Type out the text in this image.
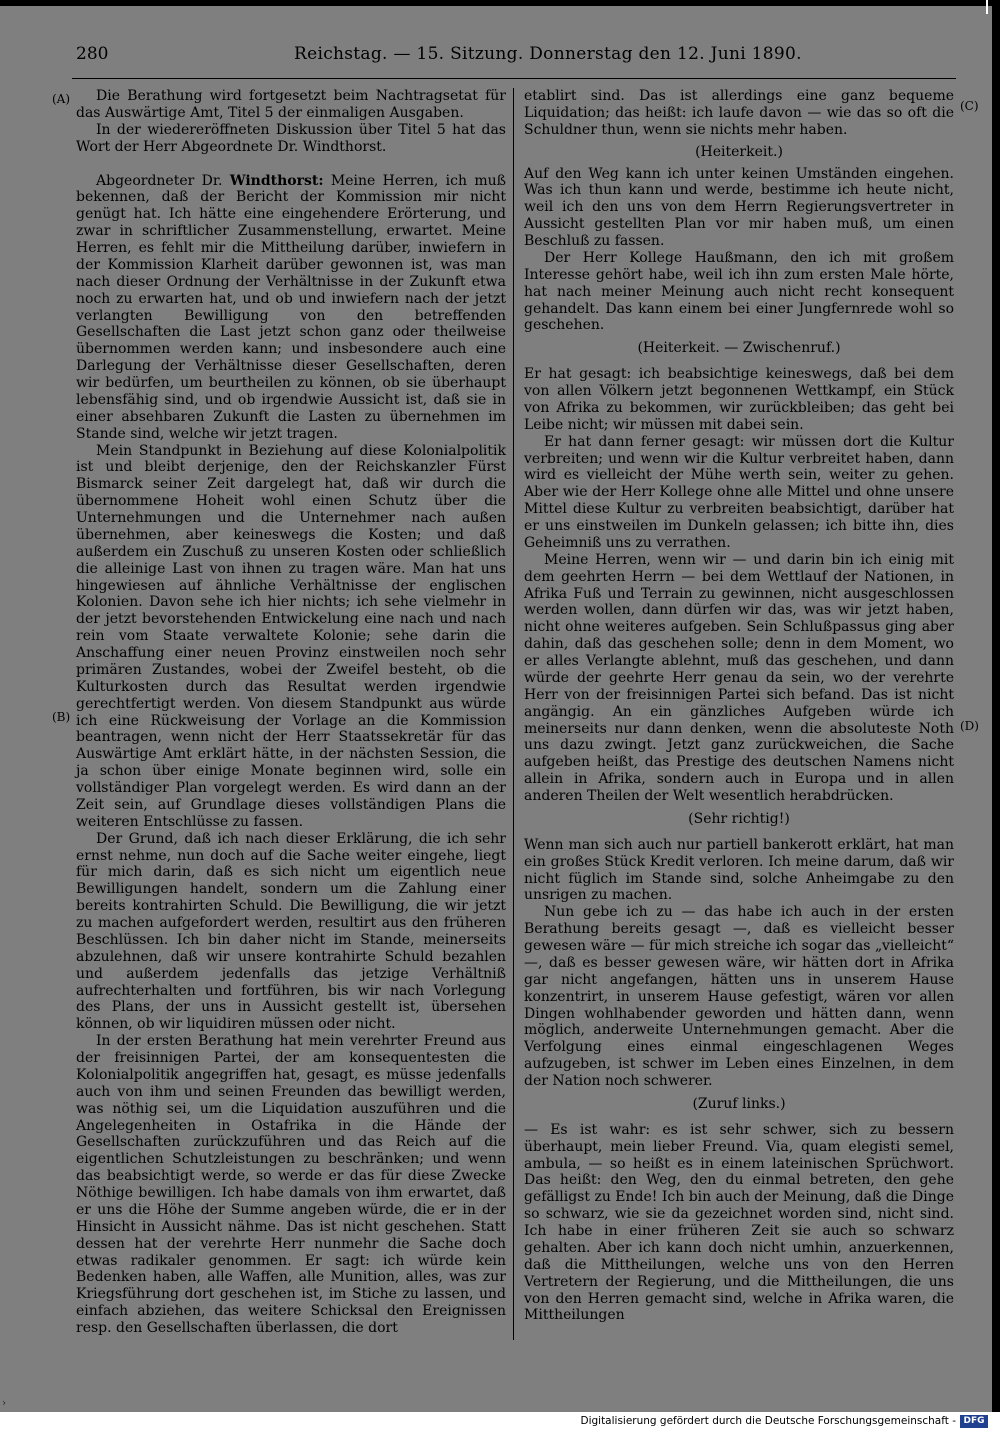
280	Reichstag. — 15. Sitzung. Donnerstag den 12. Juni 1890.
(A)
(B)
(C)
(D)

Die Berathung wird fortgesetzt beim Nachtragsetat für das Auswärtige Amt, Titel 5 der einmaligen Ausgaben.

In der wiedereröffneten Diskussion über Titel 5 hat das Wort der Herr Abgeordnete Dr. Windthorst.

Abgeordneter Dr. Windthorst: Meine Herren, ich muß bekennen, daß der Bericht der Kommission mir nicht genügt hat. Ich hätte eine eingehendere Erörterung, und zwar in schriftlicher Zusammenstellung, erwartet. Meine Herren, es fehlt mir die Mittheilung darüber, inwiefern in der Kommission Klarheit darüber gewonnen ist, was man nach dieser Ordnung der Verhältnisse in der Zukunft etwa noch zu erwarten hat, und ob und inwiefern nach der jetzt verlangten Bewilligung von den betreffenden Gesellschaften die Last jetzt schon ganz oder theilweise übernommen werden kann; und insbesondere auch eine Darlegung der Verhältnisse dieser Gesellschaften, deren wir bedürfen, um beurtheilen zu können, ob sie überhaupt lebensfähig sind, und ob irgendwie Aussicht ist, daß sie in einer absehbaren Zukunft die Lasten zu übernehmen im Stande sind, welche wir jetzt tragen.

Mein Standpunkt in Beziehung auf diese Kolonialpolitik ist und bleibt derjenige, den der Reichskanzler Fürst Bismarck seiner Zeit dargelegt hat, daß wir durch die übernommene Hoheit wohl einen Schutz über die Unternehmungen und die Unternehmer nach außen übernehmen, aber keineswegs die Kosten; und daß außerdem ein Zuschuß zu unseren Kosten oder schließlich die alleinige Last von ihnen zu tragen wäre. Man hat uns hingewiesen auf ähnliche Verhältnisse der englischen Kolonien. Davon sehe ich hier nichts; ich sehe vielmehr in der jetzt bevorstehenden Entwickelung eine nach und nach rein vom Staate verwaltete Kolonie; sehe darin die Anschaffung einer neuen Provinz einstweilen noch sehr primären Zustandes, wobei der Zweifel besteht, ob die Kulturkosten durch das Resultat werden irgendwie gerechtfertigt werden. Von diesem Standpunkt aus würde ich eine Rückweisung der Vorlage an die Kommission beantragen, wenn nicht der Herr Staatssekretär für das Auswärtige Amt erklärt hätte, in der nächsten Session, die ja schon über einige Monate beginnen wird, solle ein vollständiger Plan vorgelegt werden. Es wird dann an der Zeit sein, auf Grundlage dieses vollständigen Plans die weiteren Entschlüsse zu fassen.

Der Grund, daß ich nach dieser Erklärung, die ich sehr ernst nehme, nun doch auf die Sache weiter eingehe, liegt für mich darin, daß es sich nicht um eigentlich neue Bewilligungen handelt, sondern um die Zahlung einer bereits kontrahirten Schuld. Die Bewilligung, die wir jetzt zu machen aufgefordert werden, resultirt aus den früheren Beschlüssen. Ich bin daher nicht im Stande, meinerseits abzulehnen, daß wir unsere kontrahirte Schuld bezahlen und außerdem jedenfalls das jetzige Verhältniß aufrechterhalten und fortführen, bis wir nach Vorlegung des Plans, der uns in Aussicht gestellt ist, übersehen können, ob wir liquidiren müssen oder nicht.

In der ersten Berathung hat mein verehrter Freund aus der freisinnigen Partei, der am konsequentesten die Kolonialpolitik angegriffen hat, gesagt, es müsse jedenfalls auch von ihm und seinen Freunden das bewilligt werden, was nöthig sei, um die Liquidation auszuführen und die Angelegenheiten in Ostafrika in die Hände der Gesellschaften zurückzuführen und das Reich auf die eigentlichen Schutzleistungen zu beschränken; und wenn das beabsichtigt werde, so werde er das für diese Zwecke Nöthige bewilligen. Ich habe damals von ihm erwartet, daß er uns die Höhe der Summe angeben würde, die er in der Hinsicht in Aussicht nähme. Das ist nicht geschehen. Statt dessen hat der verehrte Herr nunmehr die Sache doch etwas radikaler genommen. Er sagt: ich würde kein Bedenken haben, alle Waffen, alle Munition, alles, was zur Kriegsführung dort geschehen ist, im Stiche zu lassen, und einfach abziehen, das weitere Schicksal den Ereignissen resp. den Gesellschaften überlassen, die dort

etablirt sind. Das ist allerdings eine ganz bequeme Liquidation; das heißt: ich laufe davon — wie das so oft die Schuldner thun, wenn sie nichts mehr haben.

(Heiterkeit.)

Auf den Weg kann ich unter keinen Umständen eingehen. Was ich thun kann und werde, bestimme ich heute nicht, weil ich den uns von dem Herrn Regierungsvertreter in Aussicht gestellten Plan vor mir haben muß, um einen Beschluß zu fassen.

Der Herr Kollege Haußmann, den ich mit großem Interesse gehört habe, weil ich ihn zum ersten Male hörte, hat nach meiner Meinung auch nicht recht konsequent gehandelt. Das kann einem bei einer Jungfernrede wohl so geschehen.

(Heiterkeit. — Zwischenruf.)

Er hat gesagt: ich beabsichtige keineswegs, daß bei dem von allen Völkern jetzt begonnenen Wettkampf, ein Stück von Afrika zu bekommen, wir zurückbleiben; das geht bei Leibe nicht; wir müssen mit dabei sein.

Er hat dann ferner gesagt: wir müssen dort die Kultur verbreiten; und wenn wir die Kultur verbreitet haben, dann wird es vielleicht der Mühe werth sein, weiter zu gehen. Aber wie der Herr Kollege ohne alle Mittel und ohne unsere Mittel diese Kultur zu verbreiten beabsichtigt, darüber hat er uns einstweilen im Dunkeln gelassen; ich bitte ihn, dies Geheimniß uns zu verrathen.

Meine Herren, wenn wir — und darin bin ich einig mit dem geehrten Herrn — bei dem Wettlauf der Nationen, in Afrika Fuß und Terrain zu gewinnen, nicht ausgeschlossen werden wollen, dann dürfen wir das, was wir jetzt haben, nicht ohne weiteres aufgeben. Sein Schlußpassus ging aber dahin, daß das geschehen solle; denn in dem Moment, wo er alles Verlangte ablehnt, muß das geschehen, und dann würde der geehrte Herr genau da sein, wo der verehrte Herr von der freisinnigen Partei sich befand. Das ist nicht angängig. An ein gänzliches Aufgeben würde ich meinerseits nur dann denken, wenn die absoluteste Noth uns dazu zwingt. Jetzt ganz zurückweichen, die Sache aufgeben heißt, das Prestige des deutschen Namens nicht allein in Afrika, sondern auch in Europa und in allen anderen Theilen der Welt wesentlich herabdrücken.

(Sehr richtig!)

Wenn man sich auch nur partiell bankerott erklärt, hat man ein großes Stück Kredit verloren. Ich meine darum, daß wir nicht füglich im Stande sind, solche Anheimgabe zu den unsrigen zu machen.

Nun gebe ich zu — das habe ich auch in der ersten Berathung bereits gesagt —, daß es vielleicht besser gewesen wäre — für mich streiche ich sogar das „vielleicht“ —, daß es besser gewesen wäre, wir hätten dort in Afrika gar nicht angefangen, hätten uns in unserem Hause konzentrirt, in unserem Hause gefestigt, wären vor allen Dingen wohlhabender geworden und hätten dann, wenn möglich, anderweite Unternehmungen gemacht. Aber die Verfolgung eines einmal eingeschlagenen Weges aufzugeben, ist schwer im Leben eines Einzelnen, in dem der Nation noch schwerer.

(Zuruf links.)

— Es ist wahr: es ist sehr schwer, sich zu bessern überhaupt, mein lieber Freund. Via, quam elegisti semel, ambula, — so heißt es in einem lateinischen Sprüchwort. Das heißt: den Weg, den du einmal betreten, den gehe gefälligst zu Ende! Ich bin auch der Meinung, daß die Dinge so schwarz, wie sie da gezeichnet worden sind, nicht sind. Ich habe in einer früheren Zeit sie auch so schwarz gehalten. Aber ich kann doch nicht umhin, anzuerkennen, daß die Mittheilungen, welche uns von den Herren Vertretern der Regierung, und die Mittheilungen, die uns von den Herren gemacht sind, welche in Afrika waren, die Mittheilungen

›
Digitalisierung gefördert durch die Deutsche Forschungsgemeinschaft - DFG
